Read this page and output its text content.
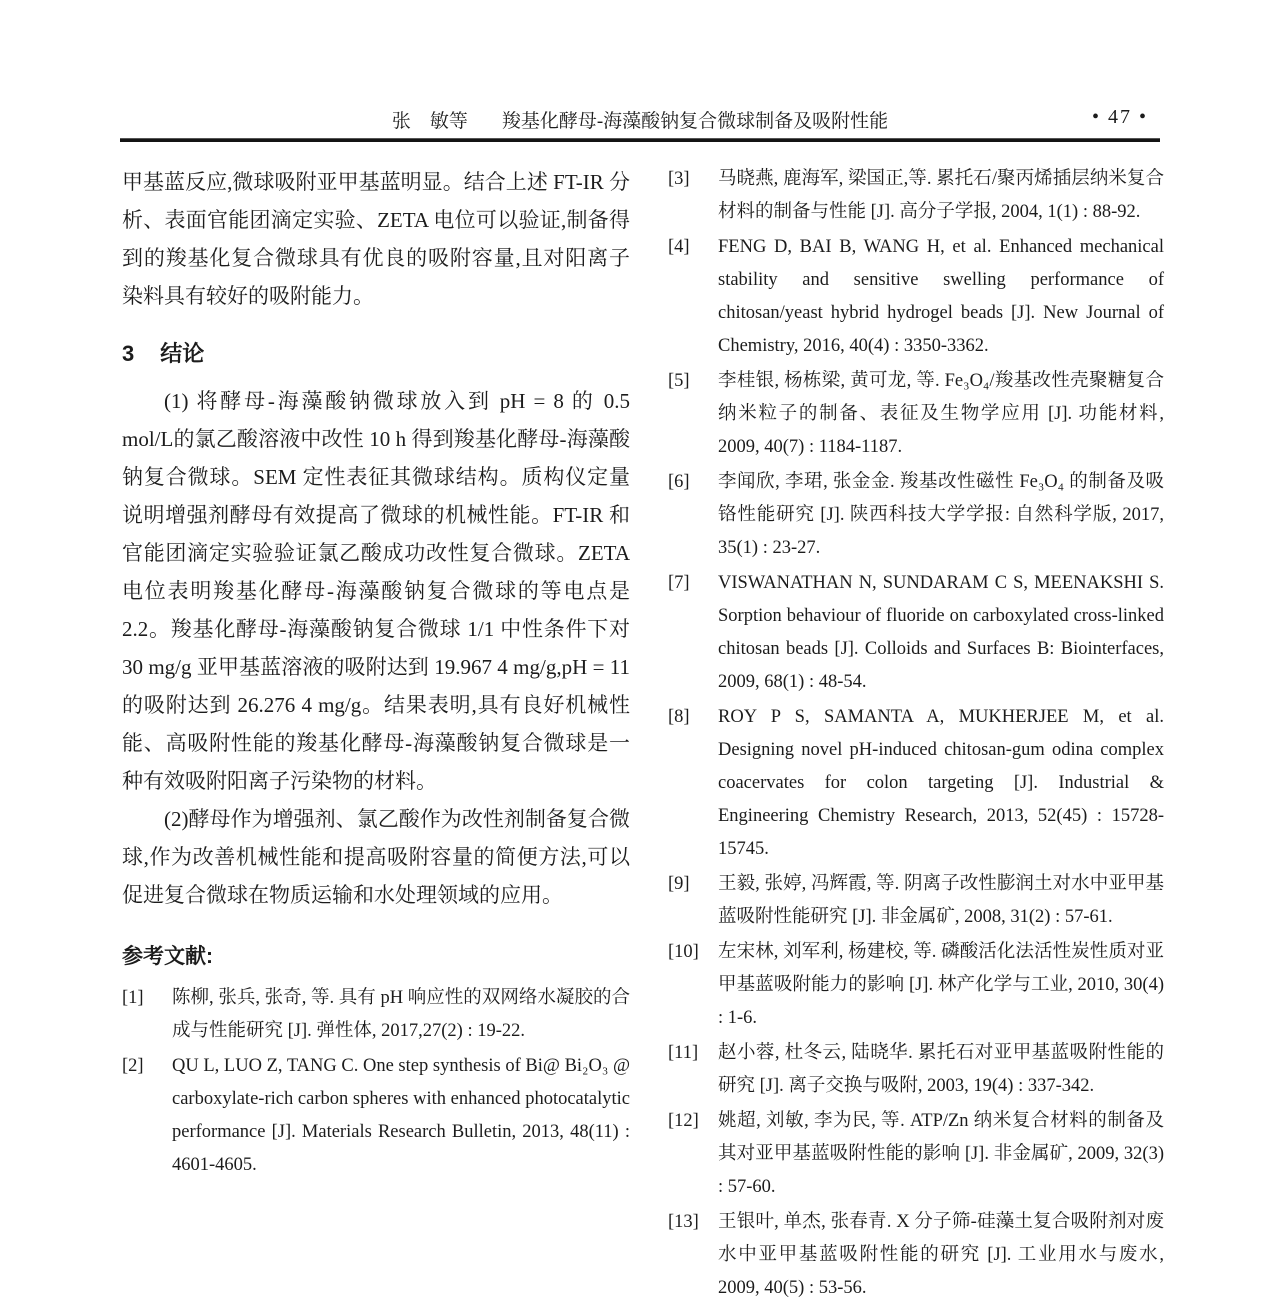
张　敏等 羧基化酵母-海藻酸钠复合微球制备及吸附性能	• 47 •

甲基蓝反应,微球吸附亚甲基蓝明显。结合上述 FT-IR 分析、表面官能团滴定实验、ZETA 电位可以验证,制备得到的羧基化复合微球具有优良的吸附容量,且对阳离子染料具有较好的吸附能力。

3 结论

(1) 将酵母-海藻酸钠微球放入到 pH = 8 的 0.5 mol/L的氯乙酸溶液中改性 10 h 得到羧基化酵母-海藻酸钠复合微球。SEM 定性表征其微球结构。质构仪定量说明增强剂酵母有效提高了微球的机械性能。FT-IR 和官能团滴定实验验证氯乙酸成功改性复合微球。ZETA 电位表明羧基化酵母-海藻酸钠复合微球的等电点是 2.2。羧基化酵母-海藻酸钠复合微球 1/1 中性条件下对 30 mg/g 亚甲基蓝溶液的吸附达到 19.967 4 mg/g,pH = 11 的吸附达到 26.276 4 mg/g。结果表明,具有良好机械性能、高吸附性能的羧基化酵母-海藻酸钠复合微球是一种有效吸附阳离子污染物的材料。

(2)酵母作为增强剂、氯乙酸作为改性剂制备复合微球,作为改善机械性能和提高吸附容量的简便方法,可以促进复合微球在物质运输和水处理领域的应用。

参考文献:
[1]	陈柳, 张兵, 张奇, 等. 具有 pH 响应性的双网络水凝胶的合成与性能研究 [J]. 弹性体, 2017,27(2) : 19-22.
[2]	QU L, LUO Z, TANG C. One step synthesis of Bi@ Bi₂O₃ @ carboxylate-rich carbon spheres with enhanced photocatalytic performance [J]. Materials Research Bulletin, 2013, 48(11) : 4601-4605.
[3]	马晓燕, 鹿海军, 梁国正,等. 累托石/聚丙烯插层纳米复合材料的制备与性能 [J]. 高分子学报, 2004, 1(1) : 88-92.
[4]	FENG D, BAI B, WANG H, et al. Enhanced mechanical stability and sensitive swelling performance of chitosan/yeast hybrid hydrogel beads [J]. New Journal of Chemistry, 2016, 40(4) : 3350-3362.
[5]	李桂银, 杨栋梁, 黄可龙, 等. Fe₃O₄/羧基改性壳聚糖复合纳米粒子的制备、表征及生物学应用 [J]. 功能材料, 2009, 40(7) : 1184-1187.
[6]	李闻欣, 李珺, 张金金. 羧基改性磁性 Fe₃O₄ 的制备及吸铬性能研究 [J]. 陕西科技大学学报: 自然科学版, 2017, 35(1) : 23-27.
[7]	VISWANATHAN N, SUNDARAM C S, MEENAKSHI S. Sorption behaviour of fluoride on carboxylated cross-linked chitosan beads [J]. Colloids and Surfaces B: Biointerfaces, 2009, 68(1) : 48-54.
[8]	ROY P S, SAMANTA A, MUKHERJEE M, et al. Designing novel pH-induced chitosan-gum odina complex coacervates for colon targeting [J]. Industrial & Engineering Chemistry Research, 2013, 52(45) : 15728-15745.
[9]	王毅, 张婷, 冯辉霞, 等. 阴离子改性膨润土对水中亚甲基蓝吸附性能研究 [J]. 非金属矿, 2008, 31(2) : 57-61.
[10]	左宋林, 刘军利, 杨建校, 等. 磷酸活化法活性炭性质对亚甲基蓝吸附能力的影响 [J]. 林产化学与工业, 2010, 30(4) : 1-6.
[11]	赵小蓉, 杜冬云, 陆晓华. 累托石对亚甲基蓝吸附性能的研究 [J]. 离子交换与吸附, 2003, 19(4) : 337-342.
[12]	姚超, 刘敏, 李为民, 等. ATP/Zn 纳米复合材料的制备及其对亚甲基蓝吸附性能的影响 [J]. 非金属矿, 2009, 32(3) : 57-60.
[13]	王银叶, 单杰, 张春青. X 分子筛-硅藻土复合吸附剂对废水中亚甲基蓝吸附性能的研究 [J]. 工业用水与废水, 2009, 40(5) : 53-56.
